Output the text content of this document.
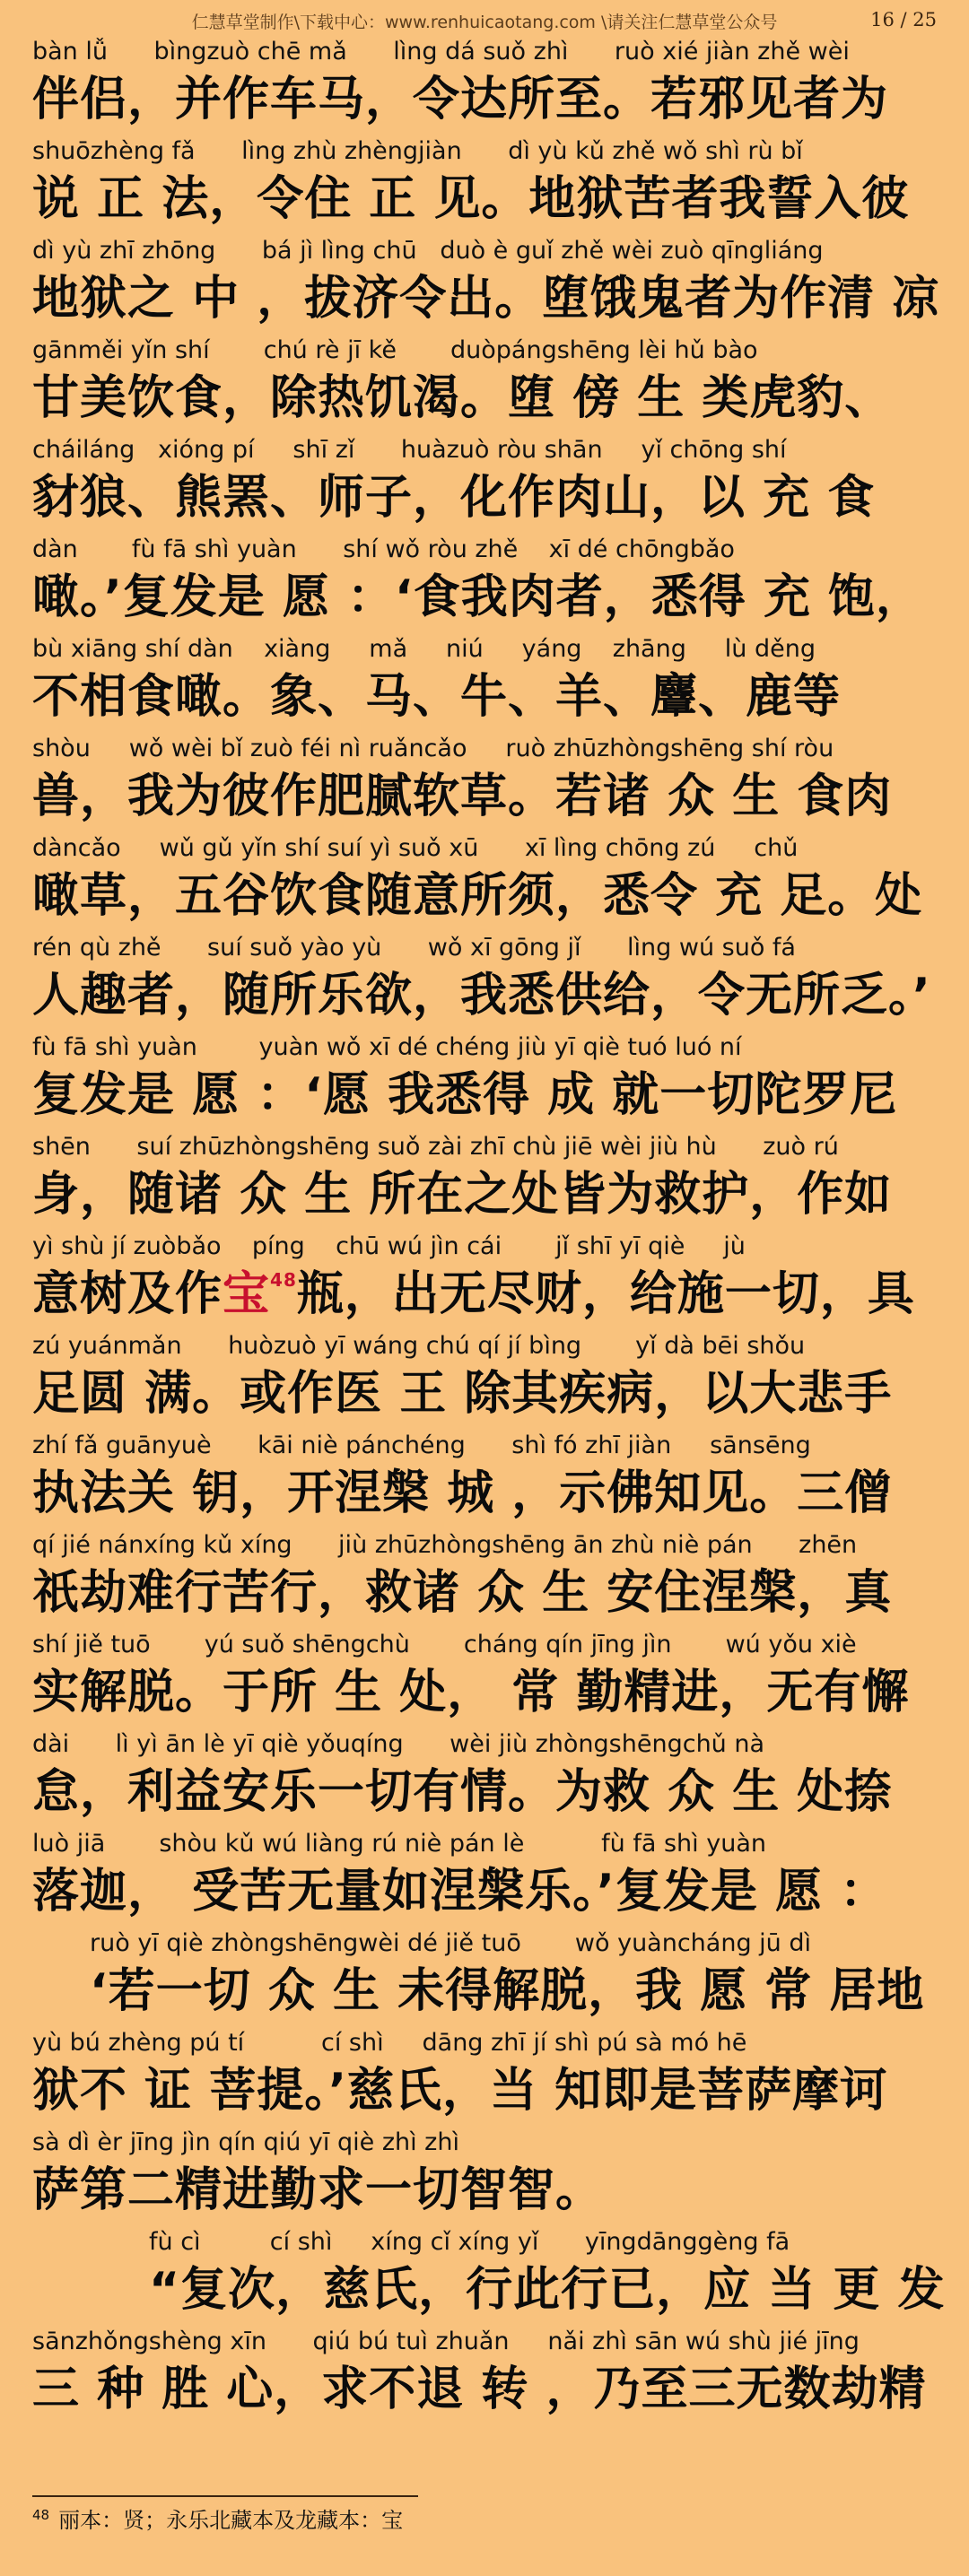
仁慧草堂制作\下载中心：www.renhuicaotang.com \请关注仁慧草堂公众号	16 / 25
bàn lǚ      bìngzuò chē mǎ      lìng dá suǒ zhì      ruò xié jiàn zhě wèi
伴侣，并作车马，令达所至。若邪见者为
shuōzhèng fǎ      lìng zhù zhèngjiàn      dì yù kǔ zhě wǒ shì rù bǐ
说 正 法，令住 正 见。地狱苦者我誓入彼
dì yù zhī zhōng      bá jì lìng chū   duò è guǐ zhě wèi zuò qīngliáng
地狱之 中 ，拔济令出。堕饿鬼者为作清 凉
gānměi yǐn shí       chú rè jī kě       duòpángshēng lèi hǔ bào
甘美饮食，除热饥渴。堕 傍 生 类虎豹、
cháiláng   xióng pí     shī zǐ      huàzuò ròu shān     yǐ chōng shí
豺狼、熊罴、师子，化作肉山，以 充 食
dàn       fù fā shì yuàn      shí wǒ ròu zhě    xī dé chōngbǎo
噉。’复发是 愿 ：‘食我肉者，悉得 充 饱，
bù xiāng shí dàn    xiàng     mǎ     niú     yáng    zhāng     lù děng
不相食噉。象、马、牛、羊、麞、鹿等
shòu     wǒ wèi bǐ zuò féi nì ruǎncǎo     ruò zhūzhòngshēng shí ròu
兽，我为彼作肥腻软草。若诸 众 生 食肉
dàncǎo     wǔ gǔ yǐn shí suí yì suǒ xū      xī lìng chōng zú     chǔ
噉草，五谷饮食随意所须，悉令 充 足。处
rén qù zhě      suí suǒ yào yù      wǒ xī gōng jǐ      lìng wú suǒ fá
人趣者，随所乐欲，我悉供给，令无所乏。’
fù fā shì yuàn        yuàn wǒ xī dé chéng jiù yī qiè tuó luó ní
复发是 愿 ：‘愿 我悉得 成 就一切陀罗尼
shēn      suí zhūzhòngshēng suǒ zài zhī chù jiē wèi jiù hù      zuò rú
身，随诸 众 生 所在之处皆为救护，作如
yì shù jí zuòbǎo    píng    chū wú jìn cái       jǐ shī yī qiè     jù
意树及作宝$^{48}$瓶，出无尽财，给施一切，具
zú yuánmǎn      huòzuò yī wáng chú qí jí bìng       yǐ dà bēi shǒu
足圆 满。或作医 王 除其疾病，以大悲手
zhí fǎ guānyuè      kāi niè pánchéng      shì fó zhī jiàn     sānsēng
执法关 钥，开涅槃 城 ，示佛知见。三僧
qí jié nánxíng kǔ xíng      jiù zhūzhòngshēng ān zhù niè pán      zhēn
祇劫难行苦行，救诸 众 生 安住涅槃，真
shí jiě tuō       yú suǒ shēngchù       cháng qín jīng jìn       wú yǒu xiè
实解脱。于所 生 处， 常 勤精进，无有懈
dài      lì yì ān lè yī qiè yǒuqíng      wèi jiù zhòngshēngchǔ nà
怠，利益安乐一切有情。为救 众 生 处捺
luò jiā       shòu kǔ wú liàng rú niè pán lè          fù fā shì yuàn
落迦， 受苦无量如涅槃乐。’复发是 愿 ：
ruò yī qiè zhòngshēngwèi dé jiě tuō       wǒ yuàncháng jū dì
‘若一切 众 生 未得解脱，我 愿 常 居地
yù bú zhèng pú tí          cí shì     dāng zhī jí shì pú sà mó hē
狱不 证 菩提。’慈氏，当 知即是菩萨摩诃
sà dì èr jīng jìn qín qiú yī qiè zhì zhì
萨第二精进勤求一切智智。
fù cì         cí shì     xíng cǐ xíng yǐ      yīngdānggèng fā
“复次，慈氏，行此行已，应 当 更 发
sānzhǒngshèng xīn      qiú bú tuì zhuǎn     nǎi zhì sān wú shù jié jīng
三 种 胜 心，求不退 转 ，乃至三无数劫精
$^{48}$ 丽本：贤；永乐北藏本及龙藏本：宝
